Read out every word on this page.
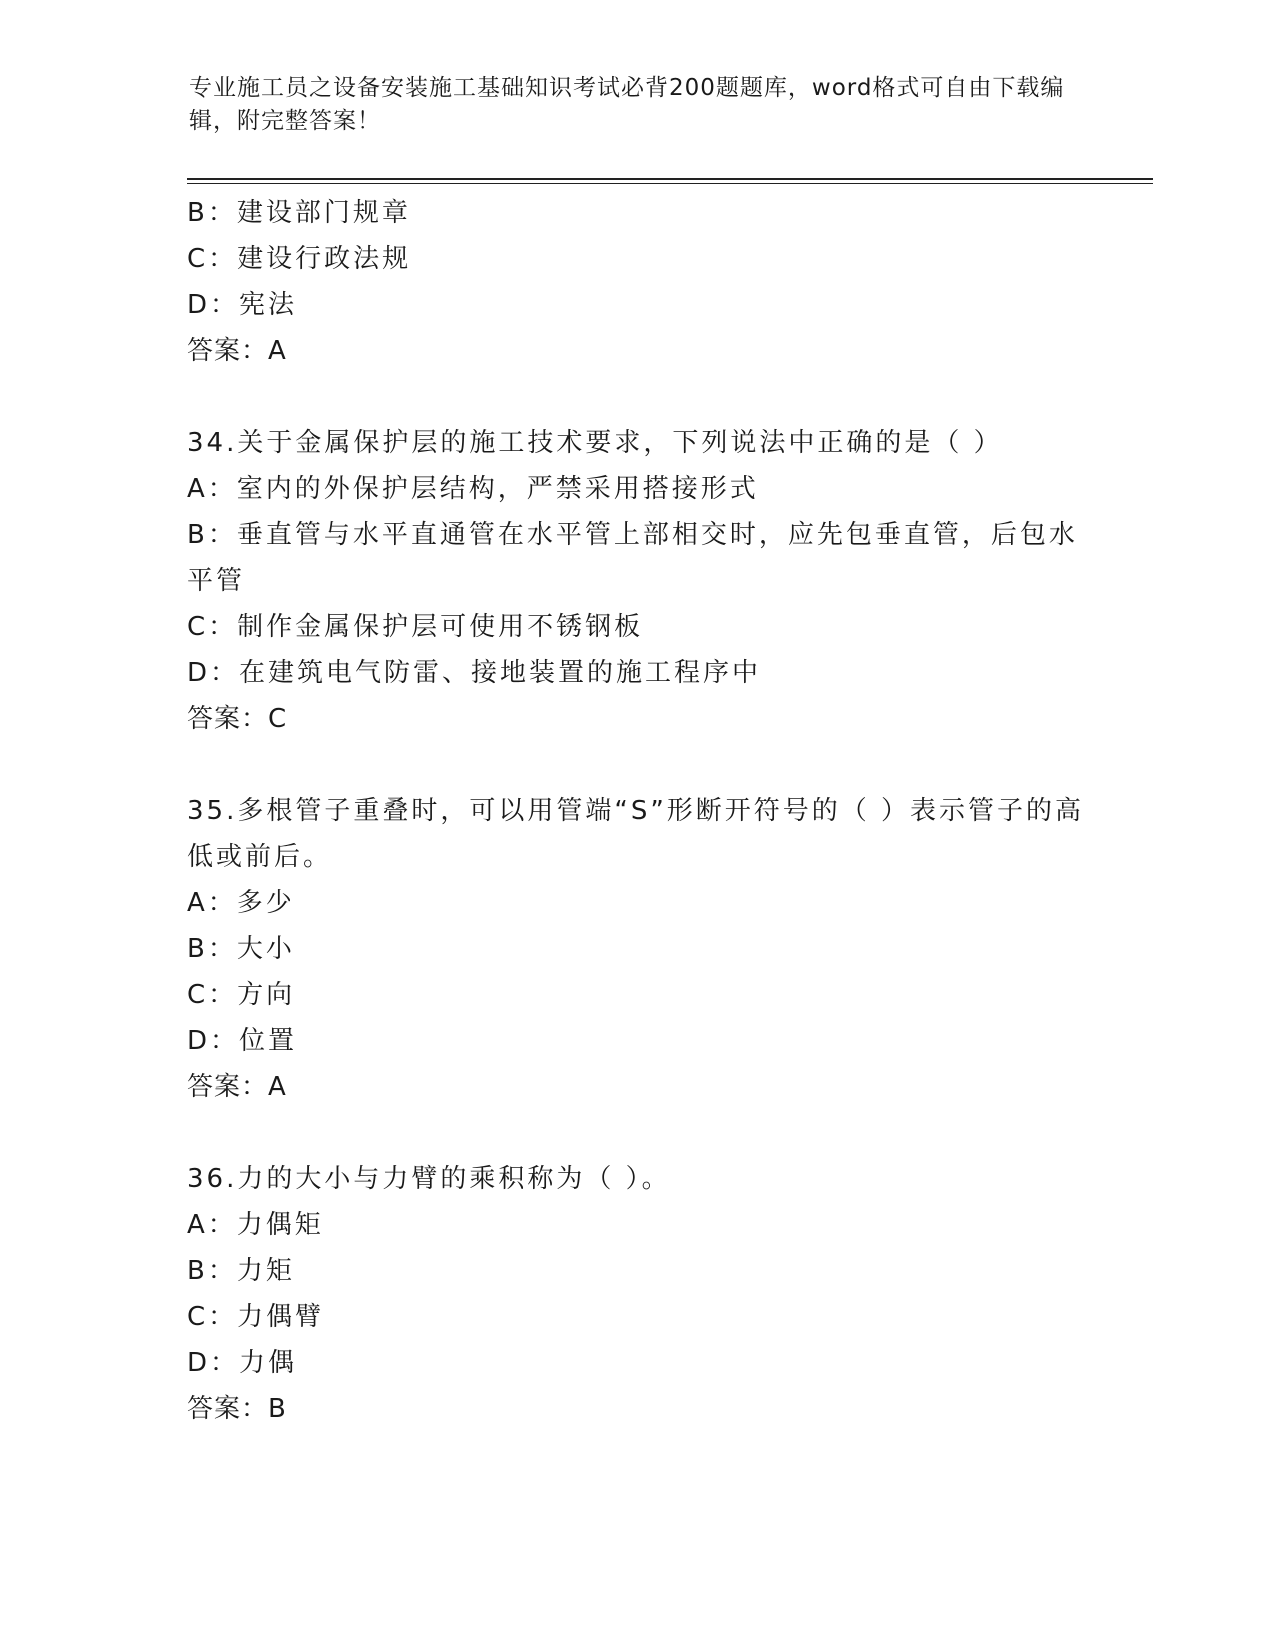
专业施工员之设备安装施工基础知识考试必背200题题库，word格式可自由下载编辑，附完整答案！
B：建设部门规章
C：建设行政法规
D：宪法
答案：A
34.关于金属保护层的施工技术要求，下列说法中正确的是（ ）
A：室内的外保护层结构，严禁采用搭接形式
B：垂直管与水平直通管在水平管上部相交时，应先包垂直管，后包水平管
C：制作金属保护层可使用不锈钢板
D：在建筑电气防雷、接地装置的施工程序中
答案：C
35.多根管子重叠时，可以用管端“S”形断开符号的（ ）表示管子的高低或前后。
A：多少
B：大小
C：方向
D：位置
答案：A
36.力的大小与力臂的乘积称为（ ）。
A：力偶矩
B：力矩
C：力偶臂
D：力偶
答案：B
